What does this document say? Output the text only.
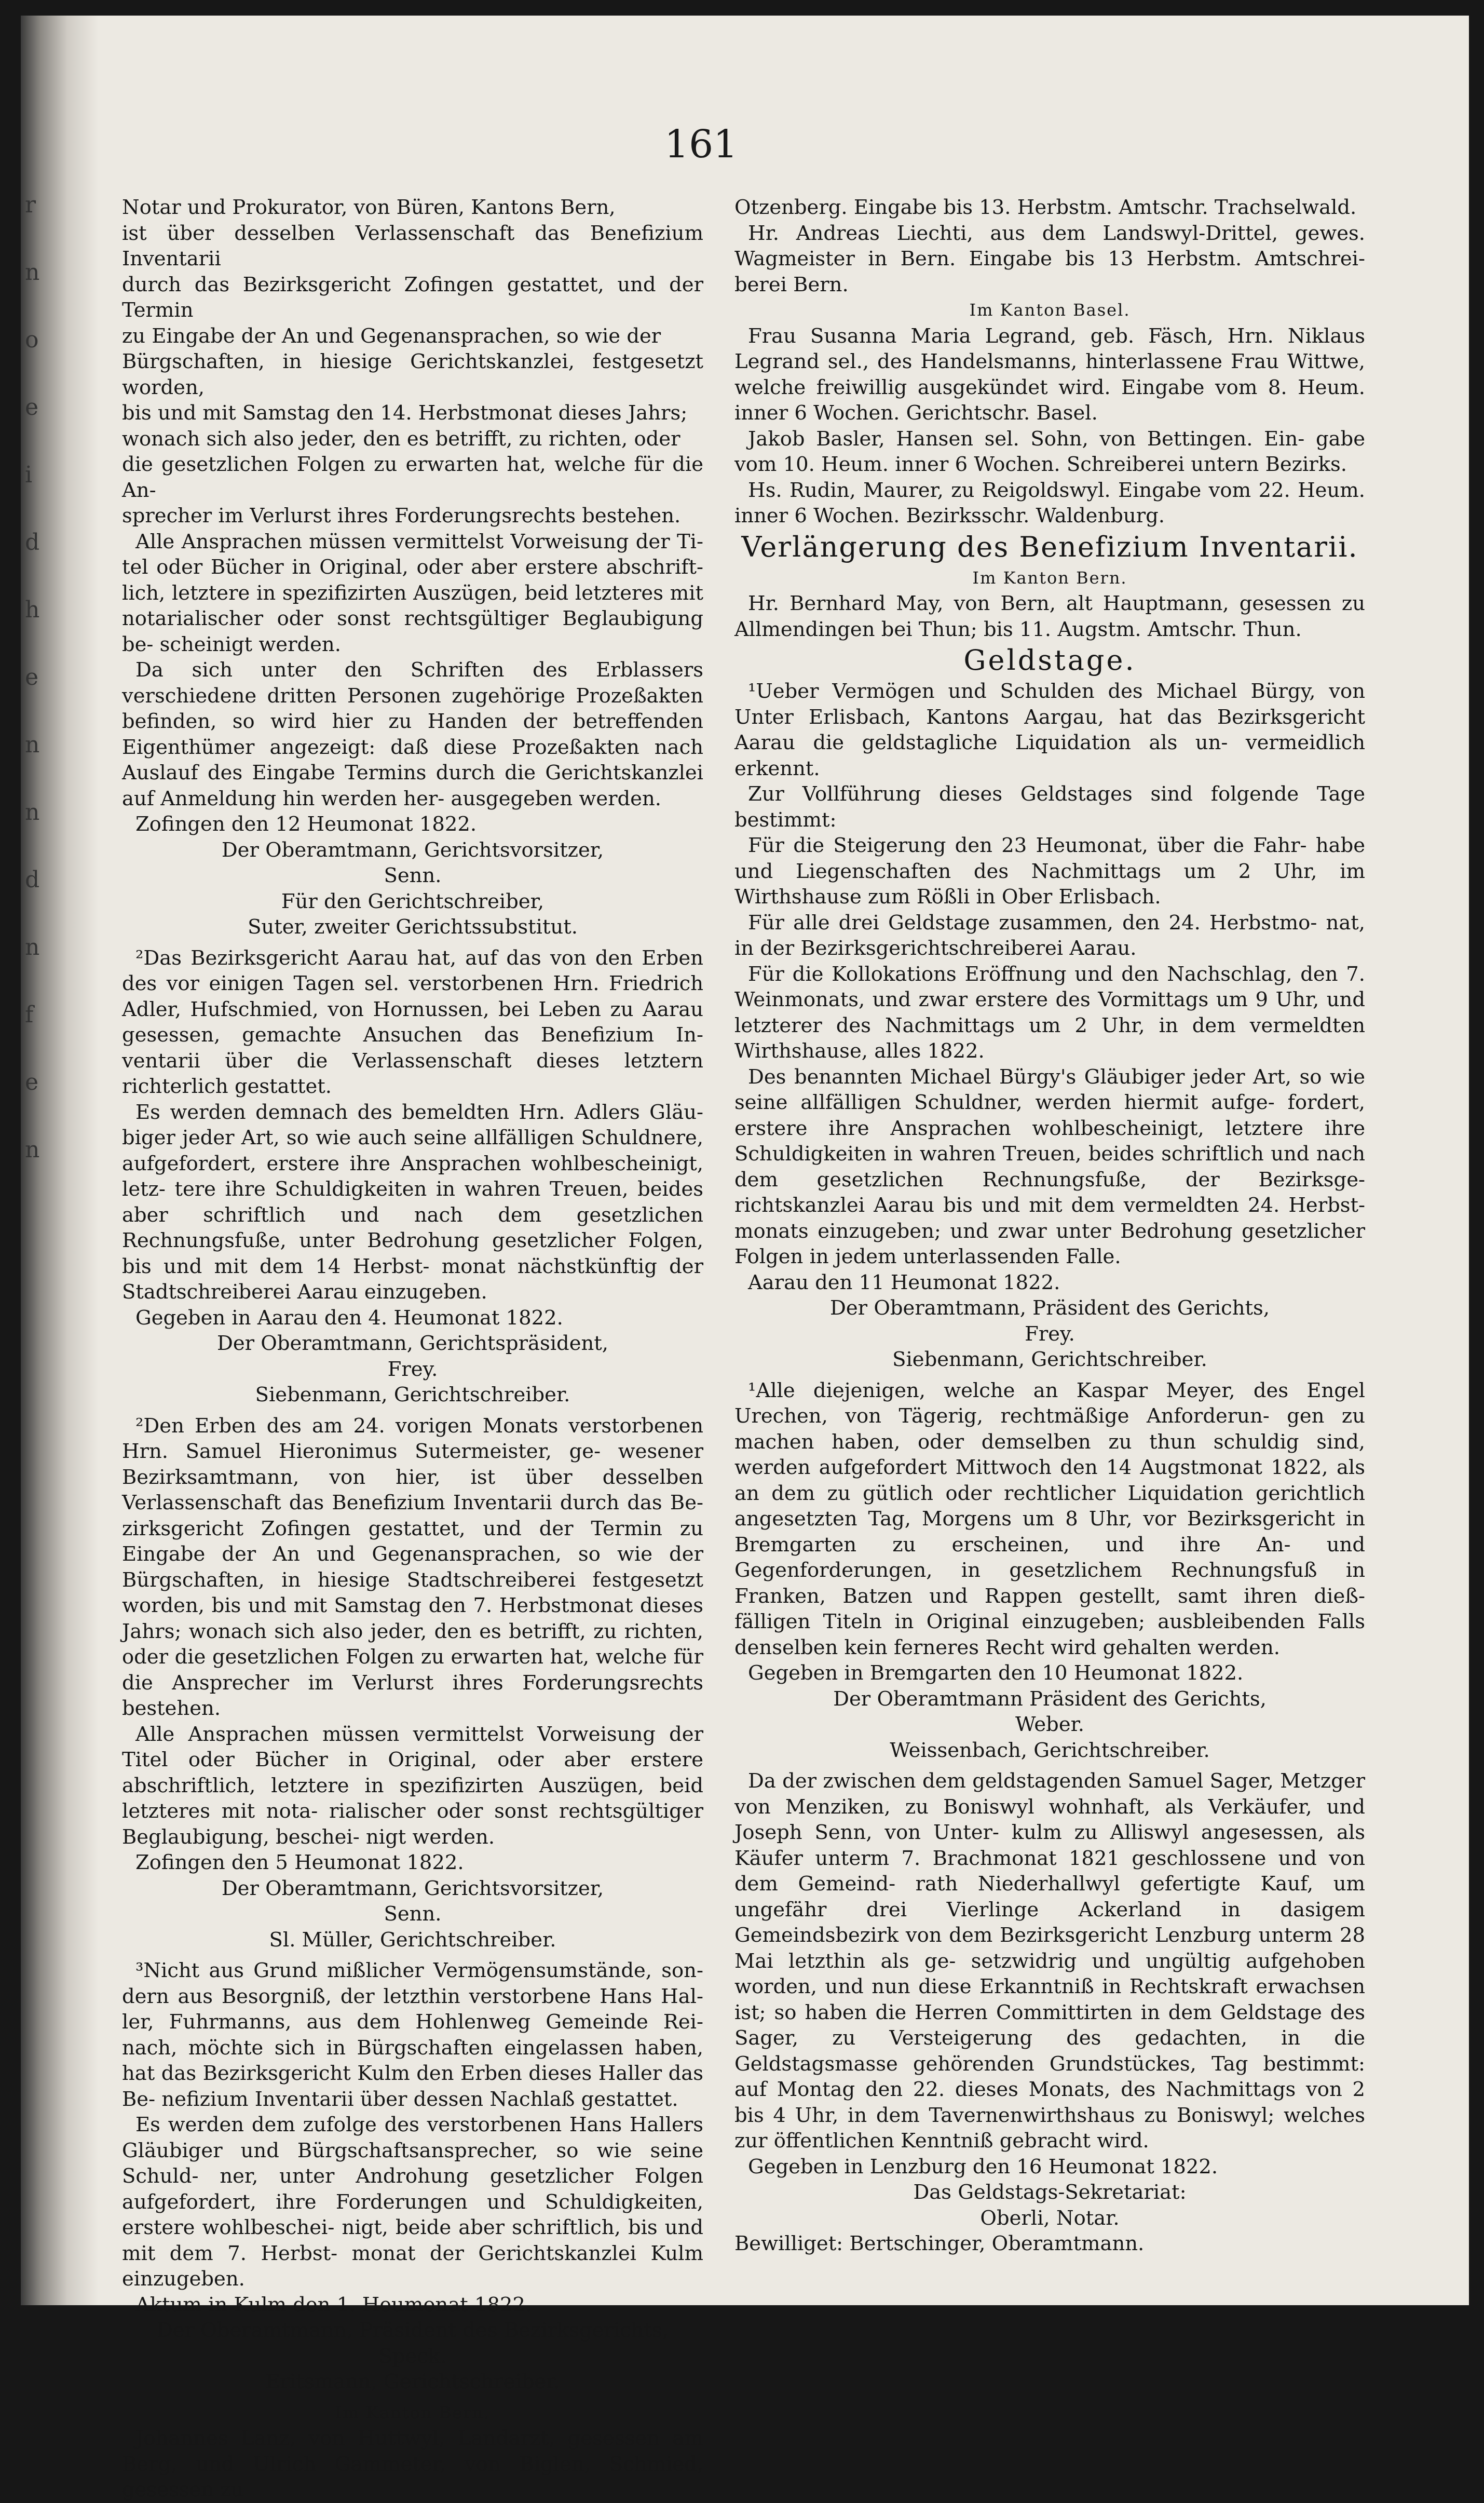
r
n
o
e
i
d
h
e
n
n
d
n
f
e
n
161

Notar und Prokurator, von Büren, Kantons Bern,

ist über desselben Verlassenschaft das Benefizium Inventarii

durch das Bezirksgericht Zofingen gestattet, und der Termin

zu Eingabe der An und Gegenansprachen, so wie der

Bürgschaften, in hiesige Gerichtskanzlei, festgesetzt worden,

bis und mit Samstag den 14. Herbstmonat dieses Jahrs;

wonach sich also jeder, den es betrifft, zu richten, oder

die gesetzlichen Folgen zu erwarten hat, welche für die An-

sprecher im Verlurst ihres Forderungsrechts bestehen.

Alle Ansprachen müssen vermittelst Vorweisung der Ti- tel oder Bücher in Original, oder aber erstere abschrift- lich, letztere in spezifizirten Auszügen, beid letzteres mit notarialischer oder sonst rechtsgültiger Beglaubigung be- scheinigt werden.

Da sich unter den Schriften des Erblassers verschiedene dritten Personen zugehörige Prozeßakten befinden, so wird hier zu Handen der betreffenden Eigenthümer angezeigt: daß diese Prozeßakten nach Auslauf des Eingabe Termins durch die Gerichtskanzlei auf Anmeldung hin werden her- ausgegeben werden.

Zofingen den 12 Heumonat 1822.

Der Oberamtmann, Gerichtsvorsitzer,

Senn.

Für den Gerichtschreiber,

Suter, zweiter Gerichtssubstitut.

²Das Bezirksgericht Aarau hat, auf das von den Erben des vor einigen Tagen sel. verstorbenen Hrn. Friedrich Adler, Hufschmied, von Hornussen, bei Leben zu Aarau gesessen, gemachte Ansuchen das Benefizium In- ventarii über die Verlassenschaft dieses letztern richterlich gestattet.

Es werden demnach des bemeldten Hrn. Adlers Gläu- biger jeder Art, so wie auch seine allfälligen Schuldnere, aufgefordert, erstere ihre Ansprachen wohlbescheinigt, letz- tere ihre Schuldigkeiten in wahren Treuen, beides aber schriftlich und nach dem gesetzlichen Rechnungsfuße, unter Bedrohung gesetzlicher Folgen, bis und mit dem 14 Herbst- monat nächstkünftig der Stadtschreiberei Aarau einzugeben.

Gegeben in Aarau den 4. Heumonat 1822.

Der Oberamtmann, Gerichtspräsident,

Frey.

Siebenmann, Gerichtschreiber.

²Den Erben des am 24. vorigen Monats verstorbenen Hrn. Samuel Hieronimus Sutermeister, ge- wesener Bezirksamtmann, von hier, ist über desselben Verlassenschaft das Benefizium Inventarii durch das Be- zirksgericht Zofingen gestattet, und der Termin zu Eingabe der An und Gegenansprachen, so wie der Bürgschaften, in hiesige Stadtschreiberei festgesetzt worden, bis und mit Samstag den 7. Herbstmonat dieses Jahrs; wonach sich also jeder, den es betrifft, zu richten, oder die gesetzlichen Folgen zu erwarten hat, welche für die Ansprecher im Verlurst ihres Forderungsrechts bestehen.

Alle Ansprachen müssen vermittelst Vorweisung der Titel oder Bücher in Original, oder aber erstere abschriftlich, letztere in spezifizirten Auszügen, beid letzteres mit nota- rialischer oder sonst rechtsgültiger Beglaubigung, beschei- nigt werden.

Zofingen den 5 Heumonat 1822.

Der Oberamtmann, Gerichtsvorsitzer,

Senn.

Sl. Müller, Gerichtschreiber.

³Nicht aus Grund mißlicher Vermögensumstände, son- dern aus Besorgniß, der letzthin verstorbene Hans Hal- ler, Fuhrmanns, aus dem Hohlenweg Gemeinde Rei- nach, möchte sich in Bürgschaften eingelassen haben, hat das Bezirksgericht Kulm den Erben dieses Haller das Be- nefizium Inventarii über dessen Nachlaß gestattet.

Es werden dem zufolge des verstorbenen Hans Hallers Gläubiger und Bürgschaftsansprecher, so wie seine Schuld- ner, unter Androhung gesetzlicher Folgen aufgefordert, ihre Forderungen und Schuldigkeiten, erstere wohlbeschei- nigt, beide aber schriftlich, bis und mit dem 7. Herbst- monat der Gerichtskanzlei Kulm einzugeben.

Aktum in Kulm den 1. Heumonat 1822.

Der Oberamtmann, Präsident des Bezirksgerichts,

Speck.

Eritsmann, Gerichtschreiber.

Im Kanton Bern.

Johannes Lanz, von Huttwyl, Landarzt, gesessen am Berg, und Ulrich Gammeter, von Biglen, Schmied, gesessen zu

Otzenberg. Eingabe bis 13. Herbstm. Amtschr. Trachselwald.

Hr. Andreas Liechti, aus dem Landswyl-Drittel, gewes. Wagmeister in Bern. Eingabe bis 13 Herbstm. Amtschrei- berei Bern.

Im Kanton Basel.

Frau Susanna Maria Legrand, geb. Fäsch, Hrn. Niklaus Legrand sel., des Handelsmanns, hinterlassene Frau Wittwe, welche freiwillig ausgekündet wird. Eingabe vom 8. Heum. inner 6 Wochen. Gerichtschr. Basel.

Jakob Basler, Hansen sel. Sohn, von Bettingen. Ein- gabe vom 10. Heum. inner 6 Wochen. Schreiberei untern Bezirks.

Hs. Rudin, Maurer, zu Reigoldswyl. Eingabe vom 22. Heum. inner 6 Wochen. Bezirksschr. Waldenburg.

Verlängerung des Benefizium Inventarii.

Im Kanton Bern.

Hr. Bernhard May, von Bern, alt Hauptmann, gesessen zu Allmendingen bei Thun; bis 11. Augstm. Amtschr. Thun.

Geldstage.

¹Ueber Vermögen und Schulden des Michael Bürgy, von Unter Erlisbach, Kantons Aargau, hat das Bezirksgericht Aarau die geldstagliche Liquidation als un- vermeidlich erkennt.

Zur Vollführung dieses Geldstages sind folgende Tage bestimmt:

Für die Steigerung den 23 Heumonat, über die Fahr- habe und Liegenschaften des Nachmittags um 2 Uhr, im Wirthshause zum Rößli in Ober Erlisbach.

Für alle drei Geldstage zusammen, den 24. Herbstmo- nat, in der Bezirksgerichtschreiberei Aarau.

Für die Kollokations Eröffnung und den Nachschlag, den 7. Weinmonats, und zwar erstere des Vormittags um 9 Uhr, und letzterer des Nachmittags um 2 Uhr, in dem vermeldten Wirthshause, alles 1822.

Des benannten Michael Bürgy's Gläubiger jeder Art, so wie seine allfälligen Schuldner, werden hiermit aufge- fordert, erstere ihre Ansprachen wohlbescheinigt, letztere ihre Schuldigkeiten in wahren Treuen, beides schriftlich und nach dem gesetzlichen Rechnungsfuße, der Bezirksge- richtskanzlei Aarau bis und mit dem vermeldten 24. Herbst- monats einzugeben; und zwar unter Bedrohung gesetzlicher Folgen in jedem unterlassenden Falle.

Aarau den 11 Heumonat 1822.

Der Oberamtmann, Präsident des Gerichts,

Frey.

Siebenmann, Gerichtschreiber.

¹Alle diejenigen, welche an Kaspar Meyer, des Engel Urechen, von Tägerig, rechtmäßige Anforderun- gen zu machen haben, oder demselben zu thun schuldig sind, werden aufgefordert Mittwoch den 14 Augstmonat 1822, als an dem zu gütlich oder rechtlicher Liquidation gerichtlich angesetzten Tag, Morgens um 8 Uhr, vor Bezirksgericht in Bremgarten zu erscheinen, und ihre An- und Gegenforderungen, in gesetzlichem Rechnungsfuß in Franken, Batzen und Rappen gestellt, samt ihren dieß- fälligen Titeln in Original einzugeben; ausbleibenden Falls denselben kein ferneres Recht wird gehalten werden.

Gegeben in Bremgarten den 10 Heumonat 1822.

Der Oberamtmann Präsident des Gerichts,

Weber.

Weissenbach, Gerichtschreiber.

Da der zwischen dem geldstagenden Samuel Sager, Metzger von Menziken, zu Boniswyl wohnhaft, als Verkäufer, und Joseph Senn, von Unter- kulm zu Alliswyl angesessen, als Käufer unterm 7. Brachmonat 1821 geschlossene und von dem Gemeind- rath Niederhallwyl gefertigte Kauf, um ungefähr drei Vierlinge Ackerland in dasigem Gemeindsbezirk von dem Bezirksgericht Lenzburg unterm 28 Mai letzthin als ge- setzwidrig und ungültig aufgehoben worden, und nun diese Erkanntniß in Rechtskraft erwachsen ist; so haben die Herren Committirten in dem Geldstage des Sager, zu Versteigerung des gedachten, in die Geldstagsmasse gehörenden Grundstückes, Tag bestimmt: auf Montag den 22. dieses Monats, des Nachmittags von 2 bis 4 Uhr, in dem Tavernenwirthshaus zu Boniswyl; welches zur öffentlichen Kenntniß gebracht wird.

Gegeben in Lenzburg den 16 Heumonat 1822.

Das Geldstags-Sekretariat:

Oberli, Notar.

Bewilliget: Bertschinger, Oberamtmann.
